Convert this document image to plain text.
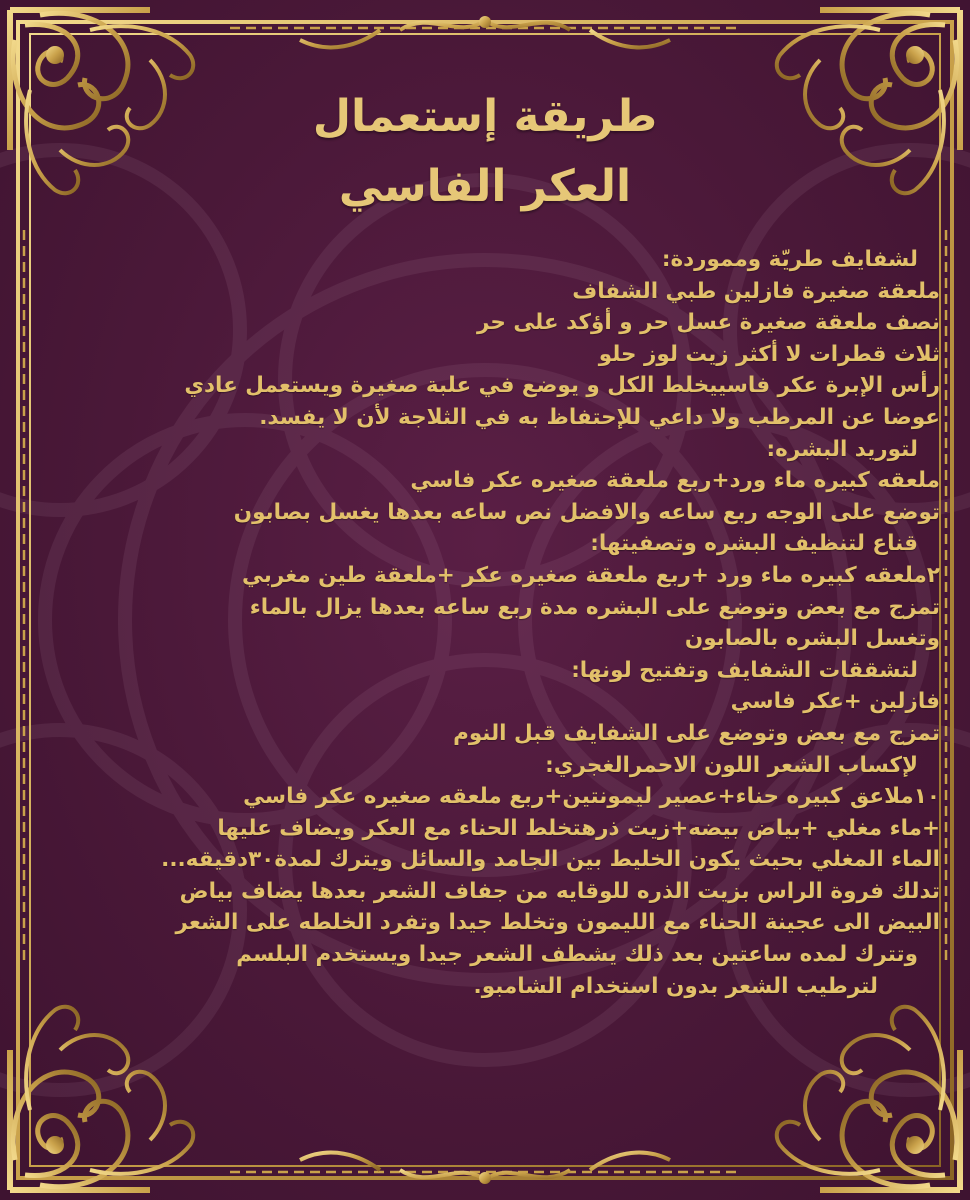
طريقة إستعمال
العكر الفاسي
لشفايف طريّة ومموردة:
ملعقة صغيرة فازلين طبي الشفاف
نصف ملعقة صغيرة عسل حر و أؤكد على حر
ثلاث قطرات لا أكثر زيت لوز حلو
رأس الإبرة عكر فاسييخلط الكل و يوضع في علبة صغيرة ويستعمل عادي
عوضا عن المرطب ولا داعي للإحتفاظ به في الثلاجة لأن لا يفسد.
لتوريد البشره:
ملعقه كبيره ماء ورد+ربع ملعقة صغيره عكر فاسي
توضع على الوجه ربع ساعه والافضل نص ساعه بعدها يغسل بصابون
قناع لتنظيف البشره وتصفيتها:
٢ملعقه كبيره ماء ورد +ربع ملعقة صغيره عكر +ملعقة طين مغربي
تمزج مع بعض وتوضع على البشره مدة ربع ساعه بعدها يزال بالماء
وتغسل البشره بالصابون
لتشققات الشفايف وتفتيح لونها:
فازلين +عكر فاسي
تمزج مع بعض وتوضع على الشفايف قبل النوم
لإكساب الشعر اللون الاحمرالغجري:
١٠ملاعق كبيره حناء+عصير ليمونتين+ربع ملعقه صغيره عكر فاسي
+ماء مغلي +بياض بيضه+زيت ذرهتخلط الحناء مع العكر ويضاف عليها
الماء المغلي بحيث يكون الخليط بين الجامد والسائل ويترك لمدة٣٠دقيقه...
تدلك فروة الراس بزيت الذره للوقايه من جفاف الشعر بعدها يضاف بياض
البيض الى عجينة الحناء مع الليمون وتخلط جيدا وتفرد الخلطه على الشعر
وتترك لمده ساعتين بعد ذلك يشطف الشعر جيدا ويستخدم البلسم
لترطيب الشعر بدون استخدام الشامبو.
